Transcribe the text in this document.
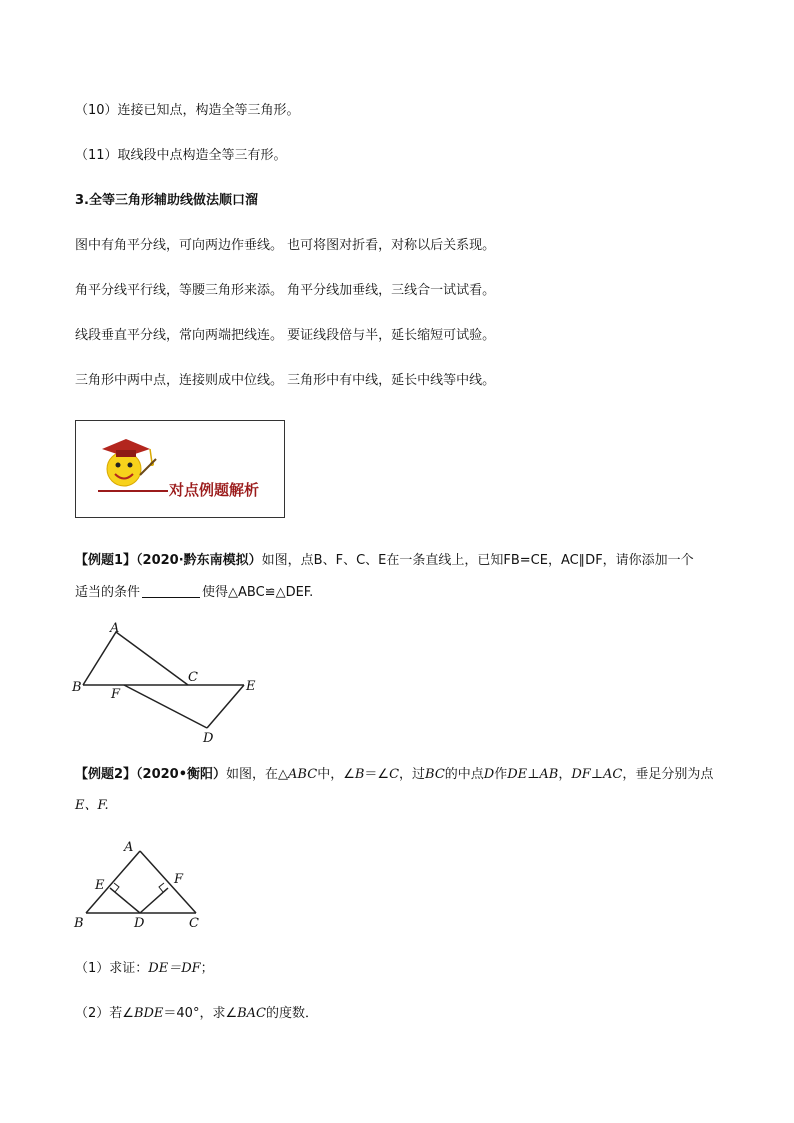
（10）连接已知点，构造全等三角形。
（11）取线段中点构造全等三有形。
3.全等三角形辅助线做法顺口溜
图中有角平分线，可向两边作垂线。 也可将图对折看，对称以后关系现。
角平分线平行线，等腰三角形来添。 角平分线加垂线，三线合一试试看。
线段垂直平分线，常向两端把线连。 要证线段倍与半，延长缩短可试验。
三角形中两中点，连接则成中位线。 三角形中有中线，延长中线等中线。
对点例题解析
【例题1】（2020·黔东南模拟）如图，点B、F、C、E在一条直线上，已知FB=CE，AC∥DF，请你添加一个
适当的条件	使得△ABC≌△DEF.
A
B
C
E
F
D
【例题2】（2020•衡阳）如图，在△ABC中，∠B＝∠C，过BC的中点D作DE⊥AB，DF⊥AC，垂足分别为点
E、F.
A
B	C
D
E	F
（1）求证：DE＝DF；
（2）若∠BDE＝40°，求∠BAC的度数．
